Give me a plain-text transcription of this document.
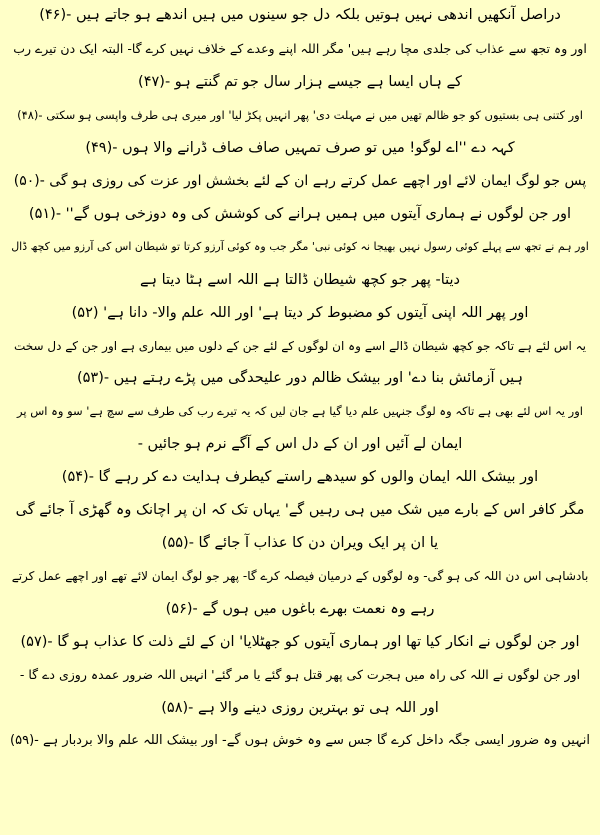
دراصل آنکھیں اندھی نہیں ہوتیں بلکہ دل جو سینوں میں ہیں اندھے ہو جاتے ہیں -(۴۶)
اور وہ تجھ سے عذاب کی جلدی مچا رہے ہیں' مگر اللہ اپنے وعدے کے خلاف نہیں کرے گا- البتہ ایک دن تیرے رب
کے ہاں ایسا ہے جیسے ہزار سال جو تم گنتے ہو -(۴۷)
اور کتنی ہی بستیوں کو جو ظالم تھیں میں نے مہلت دی' پھر انہیں پکڑ لیا' اور میری ہی طرف واپسی ہو سکتی -(۴۸)
کہہ دے ''اے لوگو! میں تو صرف تمہیں صاف صاف ڈرانے والا ہوں -(۴۹)
پس جو لوگ ایمان لائے اور اچھے عمل کرتے رہے ان کے لئے بخشش اور عزت کی روزی ہو گی -(۵۰)
اور جن لوگوں نے ہماری آیتوں میں ہمیں ہرانے کی کوشش کی وہ دوزخی ہوں گے'' -(۵۱)
اور ہم نے تجھ سے پہلے کوئی رسول نہیں بھیجا نہ کوئی نبی' مگر جب وہ کوئی آرزو کرتا تو شیطان اس کی آرزو میں کچھ ڈال
دیتا- پھر جو کچھ شیطان ڈالتا ہے اللہ اسے ہٹا دیتا ہے
اور پھر اللہ اپنی آیتوں کو مضبوط کر دیتا ہے' اور اللہ علم والا- دانا ہے' (۵۲)
یہ اس لئے ہے تاکہ جو کچھ شیطان ڈالے اسے وہ ان لوگوں کے لئے جن کے دلوں میں بیماری ہے اور جن کے دل سخت
ہیں آزمائش بنا دے' اور بیشک ظالم دور علیحدگی میں پڑے رہتے ہیں -(۵۳)
اور یہ اس لئے بھی ہے تاکہ وہ لوگ جنہیں علم دیا گیا ہے جان لیں کہ یہ تیرے رب کی طرف سے سچ ہے' سو وہ اس پر
ایمان لے آئیں اور ان کے دل اس کے آگے نرم ہو جائیں -
اور بیشک اللہ ایمان والوں کو سیدھے راستے کیطرف ہدایت دے کر رہے گا -(۵۴)
مگر کافر اس کے بارے میں شک میں ہی رہیں گے' یہاں تک کہ ان پر اچانک وہ گھڑی آ جائے گی
یا ان پر ایک ویران دن کا عذاب آ جائے گا -(۵۵)
بادشاہی اس دن اللہ کی ہو گی- وہ لوگوں کے درمیان فیصلہ کرے گا- پھر جو لوگ ایمان لائے تھے اور اچھے عمل کرتے
رہے وہ نعمت بھرے باغوں میں ہوں گے -(۵۶)
اور جن لوگوں نے انکار کیا تھا اور ہماری آیتوں کو جھٹلایا' ان کے لئے ذلت کا عذاب ہو گا -(۵۷)
اور جن لوگوں نے اللہ کی راہ میں ہجرت کی پھر قتل ہو گئے یا مر گئے' انہیں اللہ ضرور عمدہ روزی دے گا -
اور اللہ ہی تو بہترین روزی دینے والا ہے -(۵۸)
انہیں وہ ضرور ایسی جگہ داخل کرے گا جس سے وہ خوش ہوں گے- اور بیشک اللہ علم والا بردبار ہے -(۵۹)
